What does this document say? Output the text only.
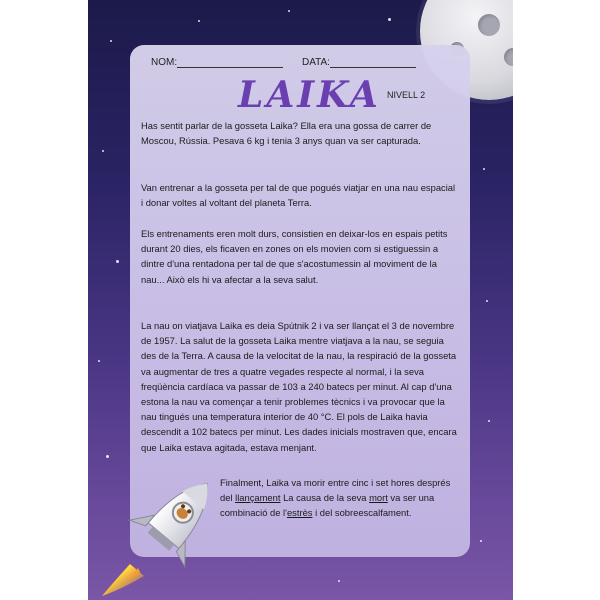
NOM:	DATA:
LAIKA NIVELL 2

Has sentit parlar de la gosseta Laika? Ella era una gossa de carrer de Moscou, Rússia. Pesava 6 kg i tenia 3 anys quan va ser capturada.

Van entrenar a la gosseta per tal de que pogués viatjar en una nau espacial i donar voltes al voltant del planeta Terra.

Els entrenaments eren molt durs, consistien en deixar-los en espais petits durant 20 dies, els ficaven en zones on els movien com si estiguessin a dintre d'una rentadona per tal de que s'acostumessin al moviment de la nau... Això els hi va afectar a la seva salut.

La nau on viatjava Laika es deia Spútnik 2 i va ser llançat el 3 de novembre de 1957. La salut de la gosseta Laika mentre viatjava a la nau, se seguia des de la Terra. A causa de la velocitat de la nau, la respiració de la gosseta va augmentar de tres a quatre vegades respecte al normal, i la seva freqüència cardíaca va passar de 103 a 240 batecs per minut. Al cap d'una estona la nau va començar a tenir problemes tècnics i va provocar que la nau tingués una temperatura interior de 40 °C. El pols de Laika havia descendit a 102 batecs per minut. Les dades inicials mostraven que, encara que Laika estava agitada, estava menjant.

Finalment, Laika va morir entre cinc i set hores després del llançament La causa de la seva mort va ser una combinació de l'estrès i del sobreescalfament.
